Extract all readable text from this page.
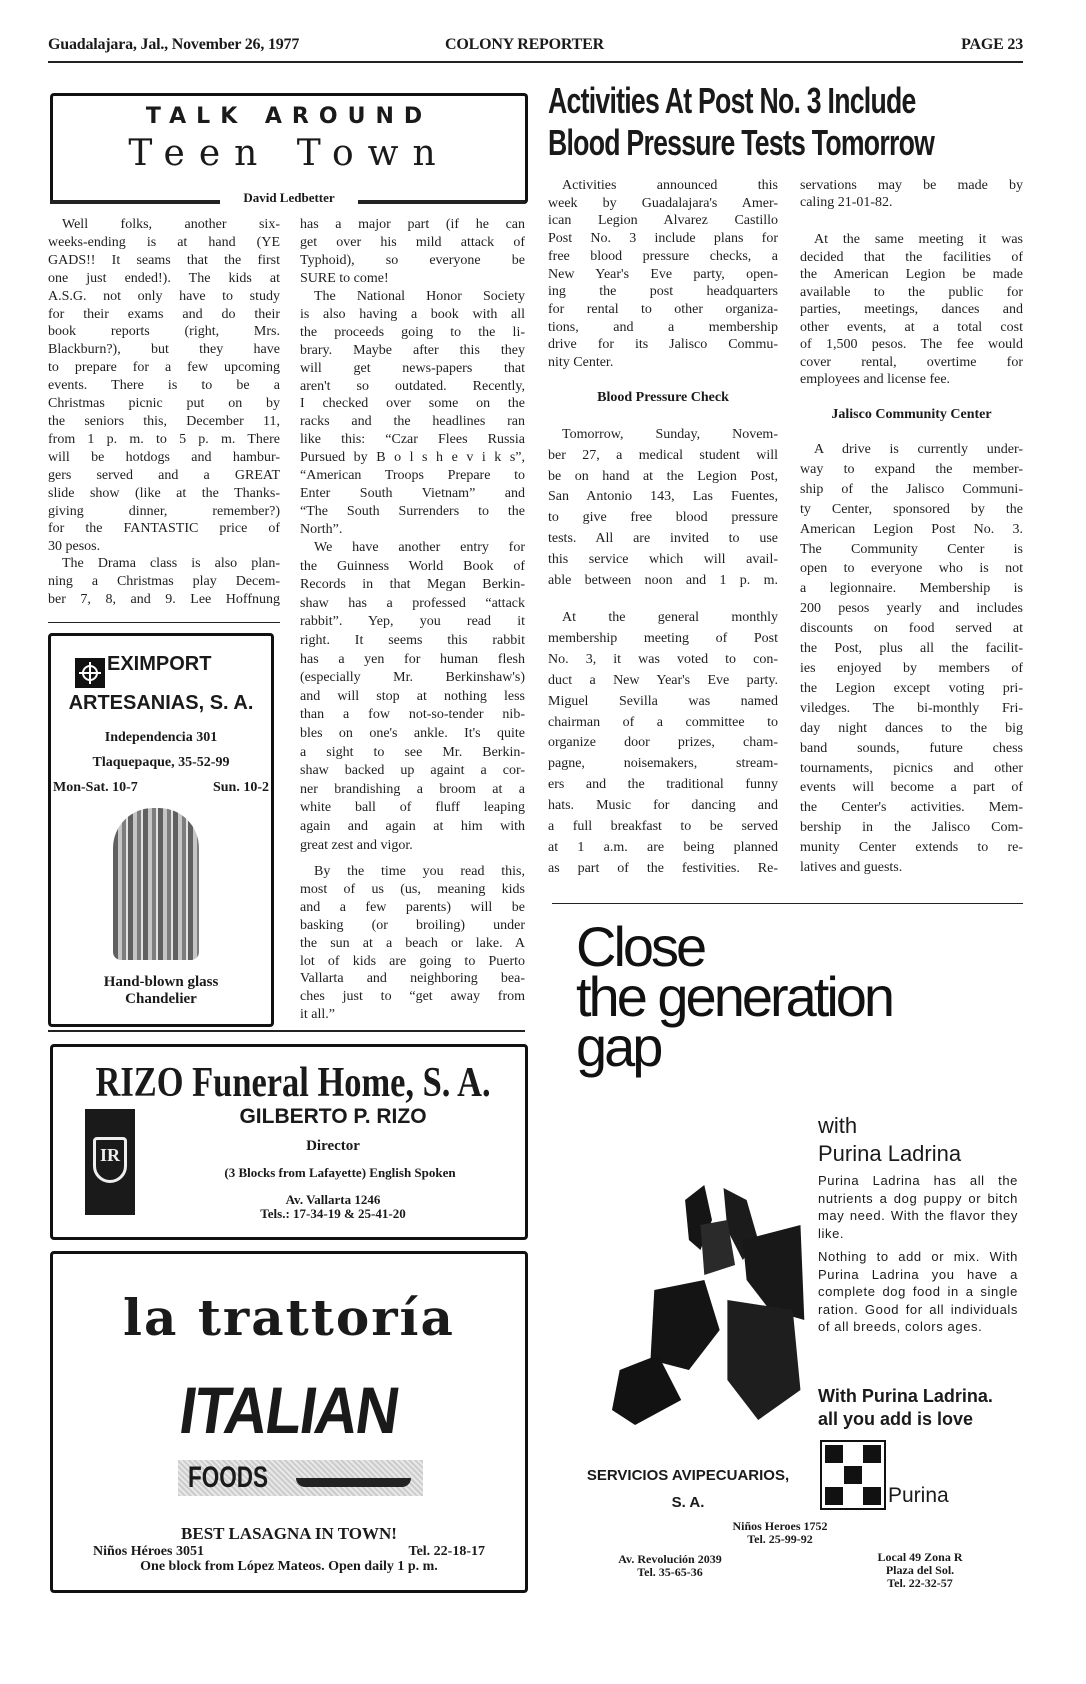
Guadalajara, Jal., November 26, 1977	COLONY REPORTER	PAGE 23
TALK AROUND
Teen Town
David Ledbetter
Well folks, another six-
weeks-ending is at hand (YE
GADS!! It seams that the first
one just ended!). The kids at
A.S.G. not only have to study
for their exams and do their
book reports (right, Mrs.
Blackburn?), but they have
to prepare for a few upcoming
events. There is to be a
Christmas picnic put on by
the seniors this, December 11,
from 1 p. m. to 5 p. m. There
will be hotdogs and hambur-
gers served and a GREAT
slide show (like at the Thanks-
giving dinner, remember?)
for the FANTASTIC price of
30 pesos.
The Drama class is also plan-
ning a Christmas play Decem-
ber 7, 8, and 9. Lee Hoffnung
has a major part (if he can
get over his mild attack of
Typhoid), so everyone be
SURE to come!
The National Honor Society
is also having a book with all
the proceeds going to the li-
brary. Maybe after this they
will get news-papers that
aren't so outdated. Recently,
I checked over some on the
racks and the headlines ran
like this: “Czar Flees Russia
Pursued by B o l s h e v i k s”,
“American Troops Prepare to
Enter South Vietnam” and
“The South Surrenders to the
North”.
We have another entry for
the Guinness World Book of
Records in that Megan Berkin-
shaw has a professed “attack
rabbit”. Yep, you read it
right. It seems this rabbit
has a yen for human flesh
(especially Mr. Berkinshaw's)
and will stop at nothing less
than a fow not-so-tender nib-
bles on one's ankle. It's quite
a sight to see Mr. Berkin-
shaw backed up againt a cor-
ner brandishing a broom at a
white ball of fluff leaping
again and again at him with
great zest and vigor.
By the time you read this,
most of us (us, meaning kids
and a few parents) will be
basking (or broiling) under
the sun at a beach or lake. A
lot of kids are going to Puerto
Vallarta and neighboring bea-
ches just to “get away from
it all.”
EXIMPORT
ARTESANIAS, S. A.
Independencia 301
Tlaquepaque, 35-52-99
Mon-Sat. 10-7	Sun. 10-2
Hand-blown glass
Chandelier
RIZO Funeral Home, S. A.
IR
GILBERTO P. RIZO
Director
(3 Blocks from Lafayette) English Spoken
Av. Vallarta 1246
Tels.: 17-34-19 & 25-41-20
la trattoría
ITALIAN
FOODS
BEST LASAGNA IN TOWN!
Niños Héroes 3051	Tel. 22-18-17
One block from López Mateos. Open daily 1 p. m.
Activities At Post No. 3 Include
Blood Pressure Tests Tomorrow
Activities announced this
week by Guadalajara's Amer-
ican Legion Alvarez Castillo
Post No. 3 include plans for
free blood pressure checks, a
New Year's Eve party, open-
ing the post headquarters
for rental to other organiza-
tions, and a membership
drive for its Jalisco Commu-
nity Center.
Blood Pressure Check
Tomorrow, Sunday, Novem-
ber 27, a medical student will
be on hand at the Legion Post,
San Antonio 143, Las Fuentes,
to give free blood pressure
tests. All are invited to use
this service which will avail-
able between noon and 1 p. m.
At the general monthly
membership meeting of Post
No. 3, it was voted to con-
duct a New Year's Eve party.
Miguel Sevilla was named
chairman of a committee to
organize door prizes, cham-
pagne, noisemakers, stream-
ers and the traditional funny
hats. Music for dancing and
a full breakfast to be served
at 1 a.m. are being planned
as part of the festivities. Re-
servations may be made by
caling 21-01-82.
At the same meeting it was
decided that the facilities of
the American Legion be made
available to the public for
parties, meetings, dances and
other events, at a total cost
of 1,500 pesos. The fee would
cover rental, overtime for
employees and license fee.
Jalisco Community Center
A drive is currently under-
way to expand the member-
ship of the Jalisco Communi-
ty Center, sponsored by the
American Legion Post No. 3.
The Community Center is
open to everyone who is not
a legionnaire. Membership is
200 pesos yearly and includes
discounts on food served at
the Post, plus all the facilit-
ies enjoyed by members of
the Legion except voting pri-
viledges. The bi-monthly Fri-
day night dances to the big
band sounds, future chess
tournaments, picnics and other
events will become a part of
the Center's activities. Mem-
bership in the Jalisco Com-
munity Center extends to re-
latives and guests.
Close
the generation
gap
with
Purina Ladrina
Purina Ladrina has all the nutrients a dog puppy or bitch may need. With the flavor they like.
Nothing to add or mix. With Purina Ladrina you have a complete dog food in a single ration. Good for all individuals of all breeds, colors ages.
With Purina Ladrina.
all you add is love
Purina
SERVICIOS AVIPECUARIOS,
S. A.
Niños Heroes 1752
Tel. 25-99-92
Av. Revolución 2039
Tel. 35-65-36
Local 49 Zona R
Plaza del Sol.
Tel. 22-32-57
